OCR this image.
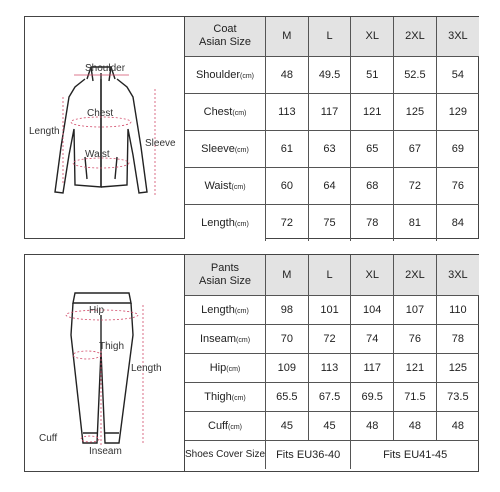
Shoulder
Chest
Length
Waist
Sleeve
Coat
Asian Size	M	L	XL	2XL	3XL
Shoulder(cm)	48	49.5	51	52.5	54
Chest(cm)	113	117	121	125	129
Sleeve(cm)	61	63	65	67	69
Waist(cm)	60	64	68	72	76
Length(cm)	72	75	78	81	84
Hip
Thigh
Length
Cuff
Inseam
Pants
Asian Size	M	L	XL	2XL	3XL
Length(cm)	98	101	104	107	110
Inseam(cm)	70	72	74	76	78
Hip(cm)	109	113	117	121	125
Thigh(cm)	65.5	67.5	69.5	71.5	73.5
Cuff(cm)	45	45	48	48	48
Shoes Cover Size	Fits EU36-40		Fits EU41-45		
